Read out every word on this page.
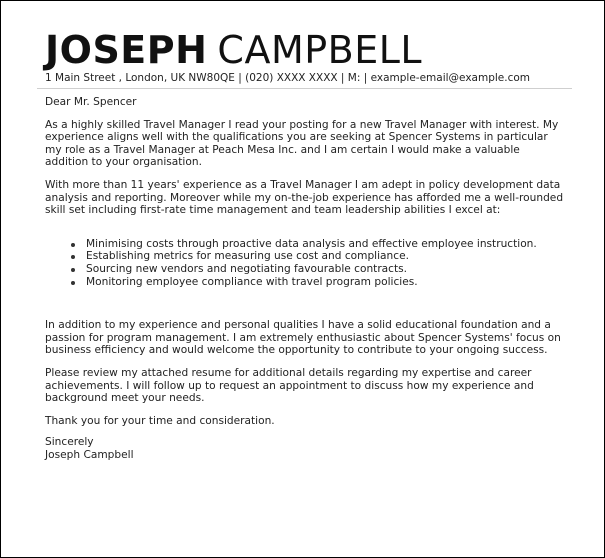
JOSEPH CAMPBELL
1 Main Street , London, UK NW80QE | (020) XXXX XXXX | M: | example-email@example.com

Dear Mr. Spencer

As a highly skilled Travel Manager I read your posting for a new Travel Manager with interest. My experience aligns well with the qualifications you are seeking at Spencer Systems in particular my role as a Travel Manager at Peach Mesa Inc. and I am certain I would make a valuable addition to your organisation.

With more than 11 years' experience as a Travel Manager I am adept in policy development data analysis and reporting. Moreover while my on-the-job experience has afforded me a well-rounded skill set including first-rate time management and team leadership abilities I excel at:

Minimising costs through proactive data analysis and effective employee instruction.
Establishing metrics for measuring use cost and compliance.
Sourcing new vendors and negotiating favourable contracts.
Monitoring employee compliance with travel program policies.

In addition to my experience and personal qualities I have a solid educational foundation and a passion for program management. I am extremely enthusiastic about Spencer Systems' focus on business efficiency and would welcome the opportunity to contribute to your ongoing success.

Please review my attached resume for additional details regarding my expertise and career achievements. I will follow up to request an appointment to discuss how my experience and background meet your needs.

Thank you for your time and consideration.

Sincerely

Joseph Campbell
